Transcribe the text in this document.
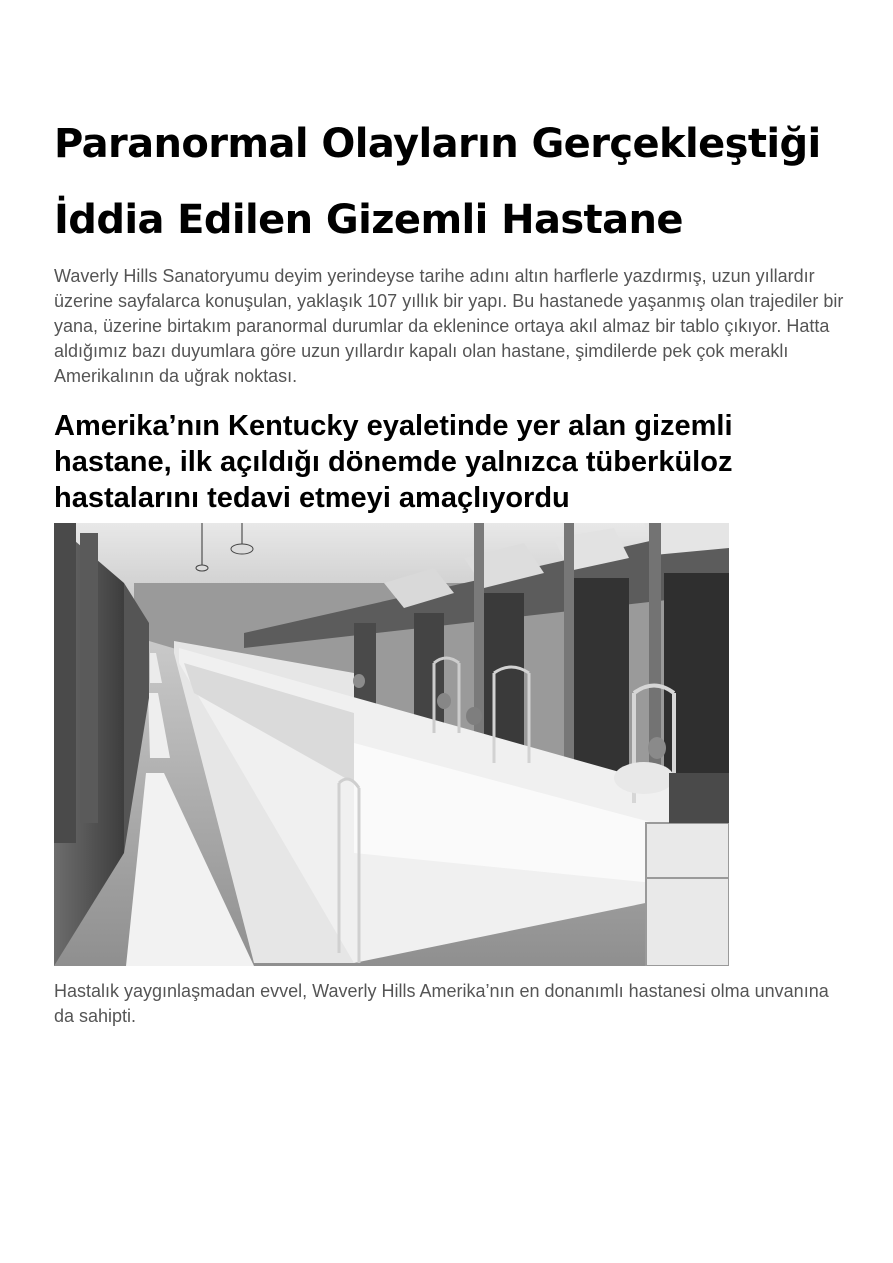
Paranormal Olayların Gerçekleştiği
İddia Edilen Gizemli Hastane

Waverly Hills Sanatoryumu deyim yerindeyse tarihe adını altın harflerle yazdırmış, uzun yıllardır üzerine sayfalarca konuşulan, yaklaşık 107 yıllık bir yapı. Bu hastanede yaşanmış olan trajediler bir yana, üzerine birtakım paranormal durumlar da eklenince ortaya akıl almaz bir tablo çıkıyor. Hatta aldığımız bazı duyumlara göre uzun yıllardır kapalı olan hastane, şimdilerde pek çok meraklı Amerikalının da uğrak noktası.

Amerika’nın Kentucky eyaletinde yer alan gizemli hastane, ilk açıldığı dönemde yalnızca tüberküloz hastalarını tedavi etmeyi amaçlıyordu

Hastalık yaygınlaşmadan evvel, Waverly Hills Amerika’nın en donanımlı hastanesi olma unvanına da sahipti.
